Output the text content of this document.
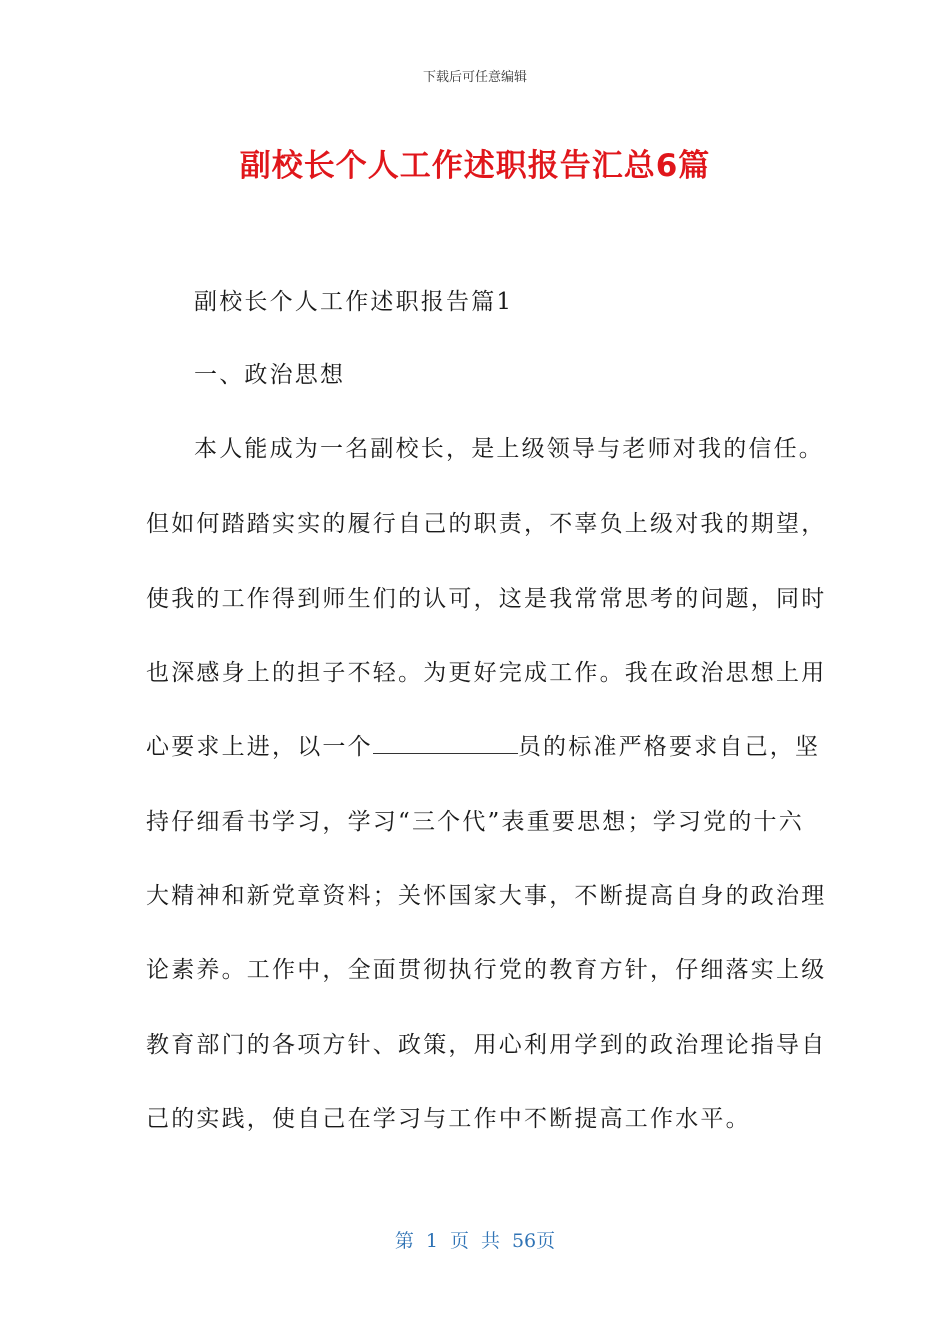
下载后可任意编辑
副校长个人工作述职报告汇总6篇
副校长个人工作述职报告篇1
一、政治思想
本人能成为一名副校长，是上级领导与老师对我的信任。
但如何踏踏实实的履行自己的职责，不辜负上级对我的期望，
使我的工作得到师生们的认可，这是我常常思考的问题，同时
也深感身上的担子不轻。为更好完成工作。我在政治思想上用
心要求上进，以一个	员的标准严格要求自己，坚
持仔细看书学习，学习“三个代”表重要思想；学习党的十六
大精神和新党章资料；关怀国家大事，不断提高自身的政治理
论素养。工作中，全面贯彻执行党的教育方针，仔细落实上级
教育部门的各项方针、政策，用心利用学到的政治理论指导自
己的实践，使自己在学习与工作中不断提高工作水平。
第 1 页 共 56页
